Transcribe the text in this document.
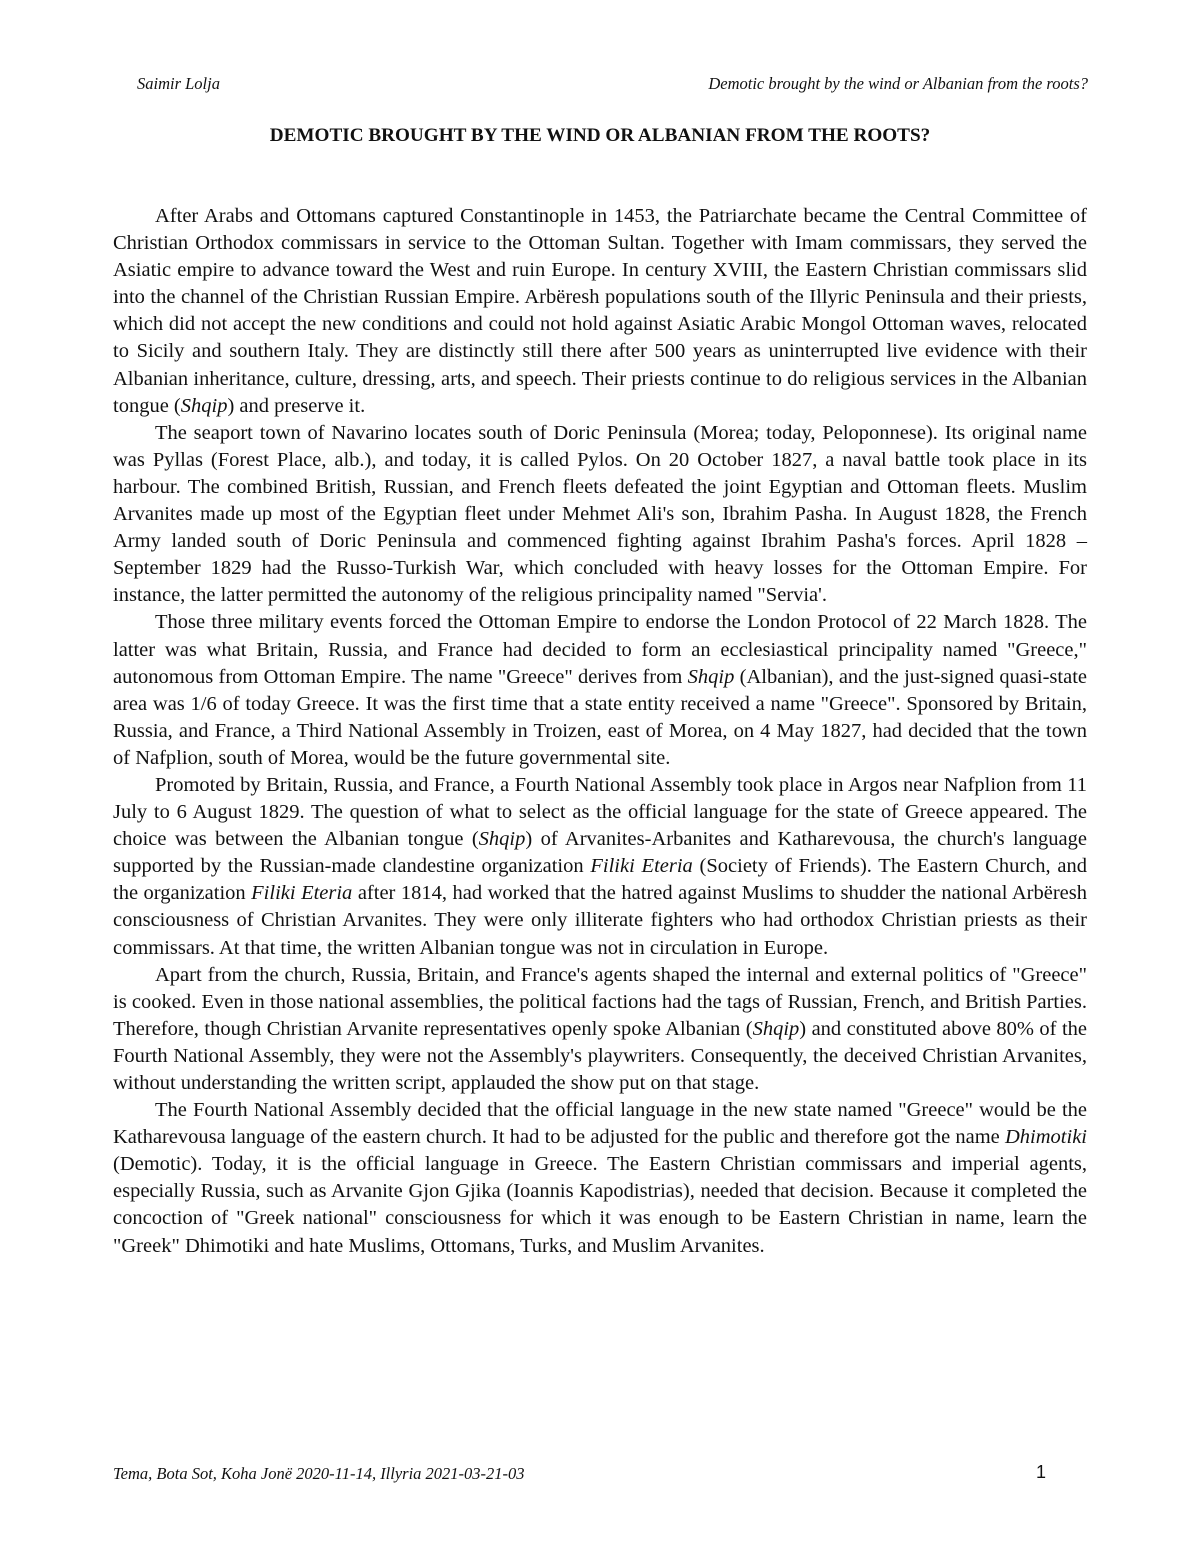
Saimir Lolja	Demotic brought by the wind or Albanian from the roots?
DEMOTIC BROUGHT BY THE WIND OR ALBANIAN FROM THE ROOTS?

After Arabs and Ottomans captured Constantinople in 1453, the Patriarchate became the Central Committee of Christian Orthodox commissars in service to the Ottoman Sultan. Together with Imam commissars, they served the Asiatic empire to advance toward the West and ruin Europe. In century XVIII, the Eastern Christian commissars slid into the channel of the Christian Russian Empire. Arbëresh populations south of the Illyric Peninsula and their priests, which did not accept the new conditions and could not hold against Asiatic Arabic Mongol Ottoman waves, relocated to Sicily and southern Italy. They are distinctly still there after 500 years as uninterrupted live evidence with their Albanian inheritance, culture, dressing, arts, and speech. Their priests continue to do religious services in the Albanian tongue (Shqip) and preserve it.

The seaport town of Navarino locates south of Doric Peninsula (Morea; today, Peloponnese). Its original name was Pyllas (Forest Place, alb.), and today, it is called Pylos. On 20 October 1827, a naval battle took place in its harbour. The combined British, Russian, and French fleets defeated the joint Egyptian and Ottoman fleets. Muslim Arvanites made up most of the Egyptian fleet under Mehmet Ali's son, Ibrahim Pasha. In August 1828, the French Army landed south of Doric Peninsula and commenced fighting against Ibrahim Pasha's forces. April 1828 – September 1829 had the Russo-Turkish War, which concluded with heavy losses for the Ottoman Empire. For instance, the latter permitted the autonomy of the religious principality named "Servia'.

Those three military events forced the Ottoman Empire to endorse the London Protocol of 22 March 1828. The latter was what Britain, Russia, and France had decided to form an ecclesiastical principality named "Greece," autonomous from Ottoman Empire. The name "Greece" derives from Shqip (Albanian), and the just-signed quasi-state area was 1/6 of today Greece. It was the first time that a state entity received a name "Greece". Sponsored by Britain, Russia, and France, a Third National Assembly in Troizen, east of Morea, on 4 May 1827, had decided that the town of Nafplion, south of Morea, would be the future governmental site.

Promoted by Britain, Russia, and France, a Fourth National Assembly took place in Argos near Nafplion from 11 July to 6 August 1829. The question of what to select as the official language for the state of Greece appeared. The choice was between the Albanian tongue (Shqip) of Arvanites-Arbanites and Katharevousa, the church's language supported by the Russian-made clandestine organization Filiki Eteria (Society of Friends). The Eastern Church, and the organization Filiki Eteria after 1814, had worked that the hatred against Muslims to shudder the national Arbëresh consciousness of Christian Arvanites. They were only illiterate fighters who had orthodox Christian priests as their commissars. At that time, the written Albanian tongue was not in circulation in Europe.

Apart from the church, Russia, Britain, and France's agents shaped the internal and external politics of "Greece" is cooked. Even in those national assemblies, the political factions had the tags of Russian, French, and British Parties. Therefore, though Christian Arvanite representatives openly spoke Albanian (Shqip) and constituted above 80% of the Fourth National Assembly, they were not the Assembly's playwriters. Consequently, the deceived Christian Arvanites, without understanding the written script, applauded the show put on that stage.

The Fourth National Assembly decided that the official language in the new state named "Greece" would be the Katharevousa language of the eastern church. It had to be adjusted for the public and therefore got the name Dhimotiki (Demotic). Today, it is the official language in Greece. The Eastern Christian commissars and imperial agents, especially Russia, such as Arvanite Gjon Gjika (Ioannis Kapodistrias), needed that decision. Because it completed the concoction of "Greek national" consciousness for which it was enough to be Eastern Christian in name, learn the "Greek" Dhimotiki and hate Muslims, Ottomans, Turks, and Muslim Arvanites.

Tema, Bota Sot, Koha Jonë 2020-11-14, Illyria 2021-03-21-03	1
